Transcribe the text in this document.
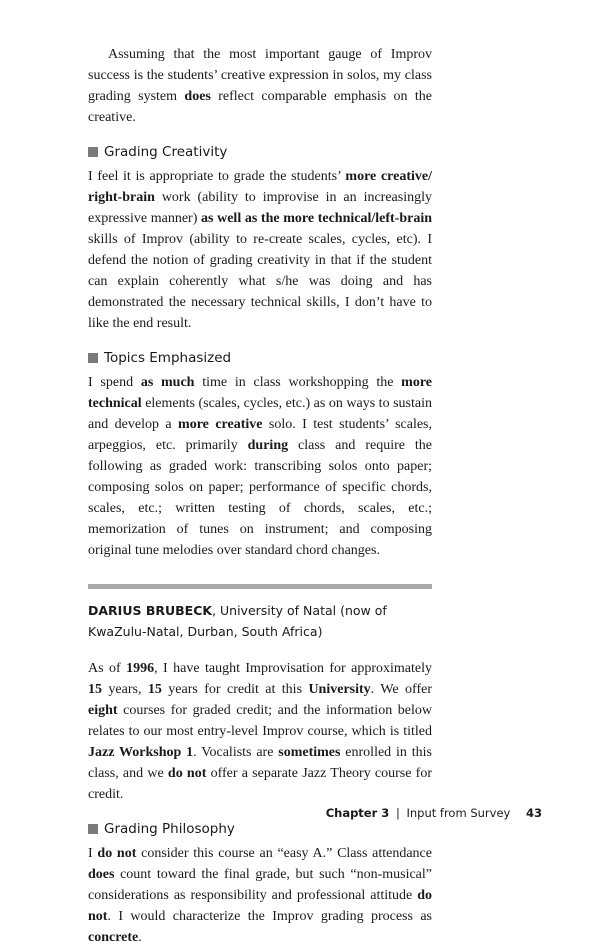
Assuming that the most important gauge of Improv success is the students’ creative expression in solos, my class grading system does reflect comparable emphasis on the creative.

Grading Creativity

I feel it is appropriate to grade the students’ more creative/ right-brain work (ability to improvise in an increasingly expressive manner) as well as the more technical/left-brain skills of Improv (ability to re-create scales, cycles, etc). I defend the notion of grading creativity in that if the student can explain coherently what s/he was doing and has demonstrated the necessary technical skills, I don’t have to like the end result.

Topics Emphasized

I spend as much time in class workshopping the more technical elements (scales, cycles, etc.) as on ways to sustain and develop a more creative solo. I test students’ scales, arpeggios, etc. primarily during class and require the following as graded work: transcribing solos onto paper; composing solos on paper; performance of specific chords, scales, etc.; written testing of chords, scales, etc.; memorization of tunes on instrument; and composing original tune melodies over standard chord changes.

DARIUS BRUBECK, University of Natal (now of KwaZulu-Natal, Durban, South Africa)

As of 1996, I have taught Improvisation for approximately 15 years, 15 years for credit at this University. We offer eight courses for graded credit; and the information below relates to our most entry-level Improv course, which is titled Jazz Workshop 1. Vocalists are sometimes enrolled in this class, and we do not offer a separate Jazz Theory course for credit.

Grading Philosophy

I do not consider this course an “easy A.” Class attendance does count toward the final grade, but such “non-musical” considerations as responsibility and professional attitude do not. I would characterize the Improv grading process as concrete.

Chapter 3 | Input from Survey 43
